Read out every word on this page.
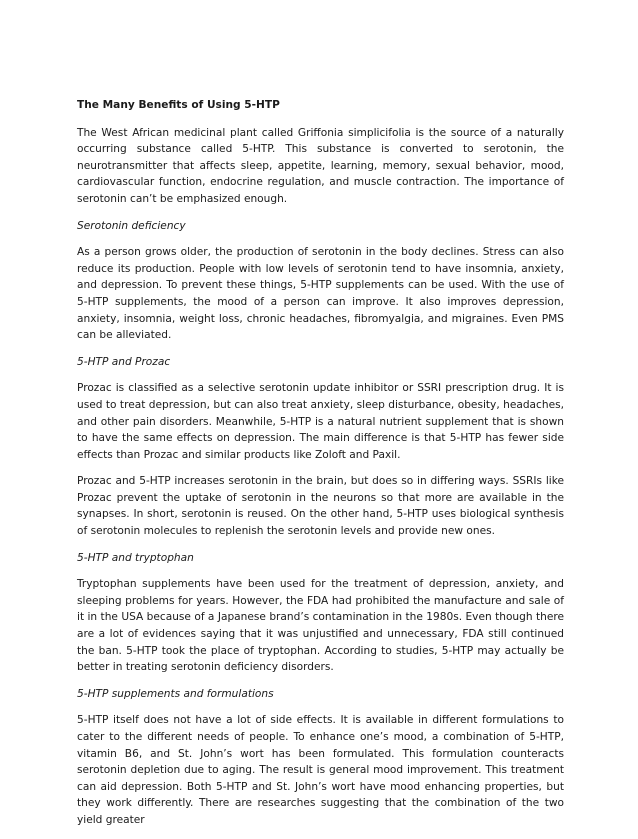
The Many Benefits of Using 5-HTP

The West African medicinal plant called Griffonia simplicifolia is the source of a naturally occurring substance called 5-HTP. This substance is converted to serotonin, the neurotransmitter that affects sleep, appetite, learning, memory, sexual behavior, mood, cardiovascular function, endocrine regulation, and muscle contraction. The importance of serotonin can’t be emphasized enough.

Serotonin deficiency

As a person grows older, the production of serotonin in the body declines. Stress can also reduce its production. People with low levels of serotonin tend to have insomnia, anxiety, and depression. To prevent these things, 5-HTP supplements can be used. With the use of 5-HTP supplements, the mood of a person can improve. It also improves depression, anxiety, insomnia, weight loss, chronic headaches, fibromyalgia, and migraines. Even PMS can be alleviated.

5-HTP and Prozac

Prozac is classified as a selective serotonin update inhibitor or SSRI prescription drug. It is used to treat depression, but can also treat anxiety, sleep disturbance, obesity, headaches, and other pain disorders. Meanwhile, 5-HTP is a natural nutrient supplement that is shown to have the same effects on depression. The main difference is that 5-HTP has fewer side effects than Prozac and similar products like Zoloft and Paxil.

Prozac and 5-HTP increases serotonin in the brain, but does so in differing ways. SSRIs like Prozac prevent the uptake of serotonin in the neurons so that more are available in the synapses. In short, serotonin is reused. On the other hand, 5-HTP uses biological synthesis of serotonin molecules to replenish the serotonin levels and provide new ones.

5-HTP and tryptophan

Tryptophan supplements have been used for the treatment of depression, anxiety, and sleeping problems for years. However, the FDA had prohibited the manufacture and sale of it in the USA because of a Japanese brand’s contamination in the 1980s. Even though there are a lot of evidences saying that it was unjustified and unnecessary, FDA still continued the ban. 5-HTP took the place of tryptophan. According to studies, 5-HTP may actually be better in treating serotonin deficiency disorders.

5-HTP supplements and formulations

5-HTP itself does not have a lot of side effects. It is available in different formulations to cater to the different needs of people. To enhance one’s mood, a combination of 5-HTP, vitamin B6, and St. John’s wort has been formulated. This formulation counteracts serotonin depletion due to aging. The result is general mood improvement. This treatment can aid depression. Both 5-HTP and St. John’s wort have mood enhancing properties, but they work differently. There are researches suggesting that the combination of the two yield greater
